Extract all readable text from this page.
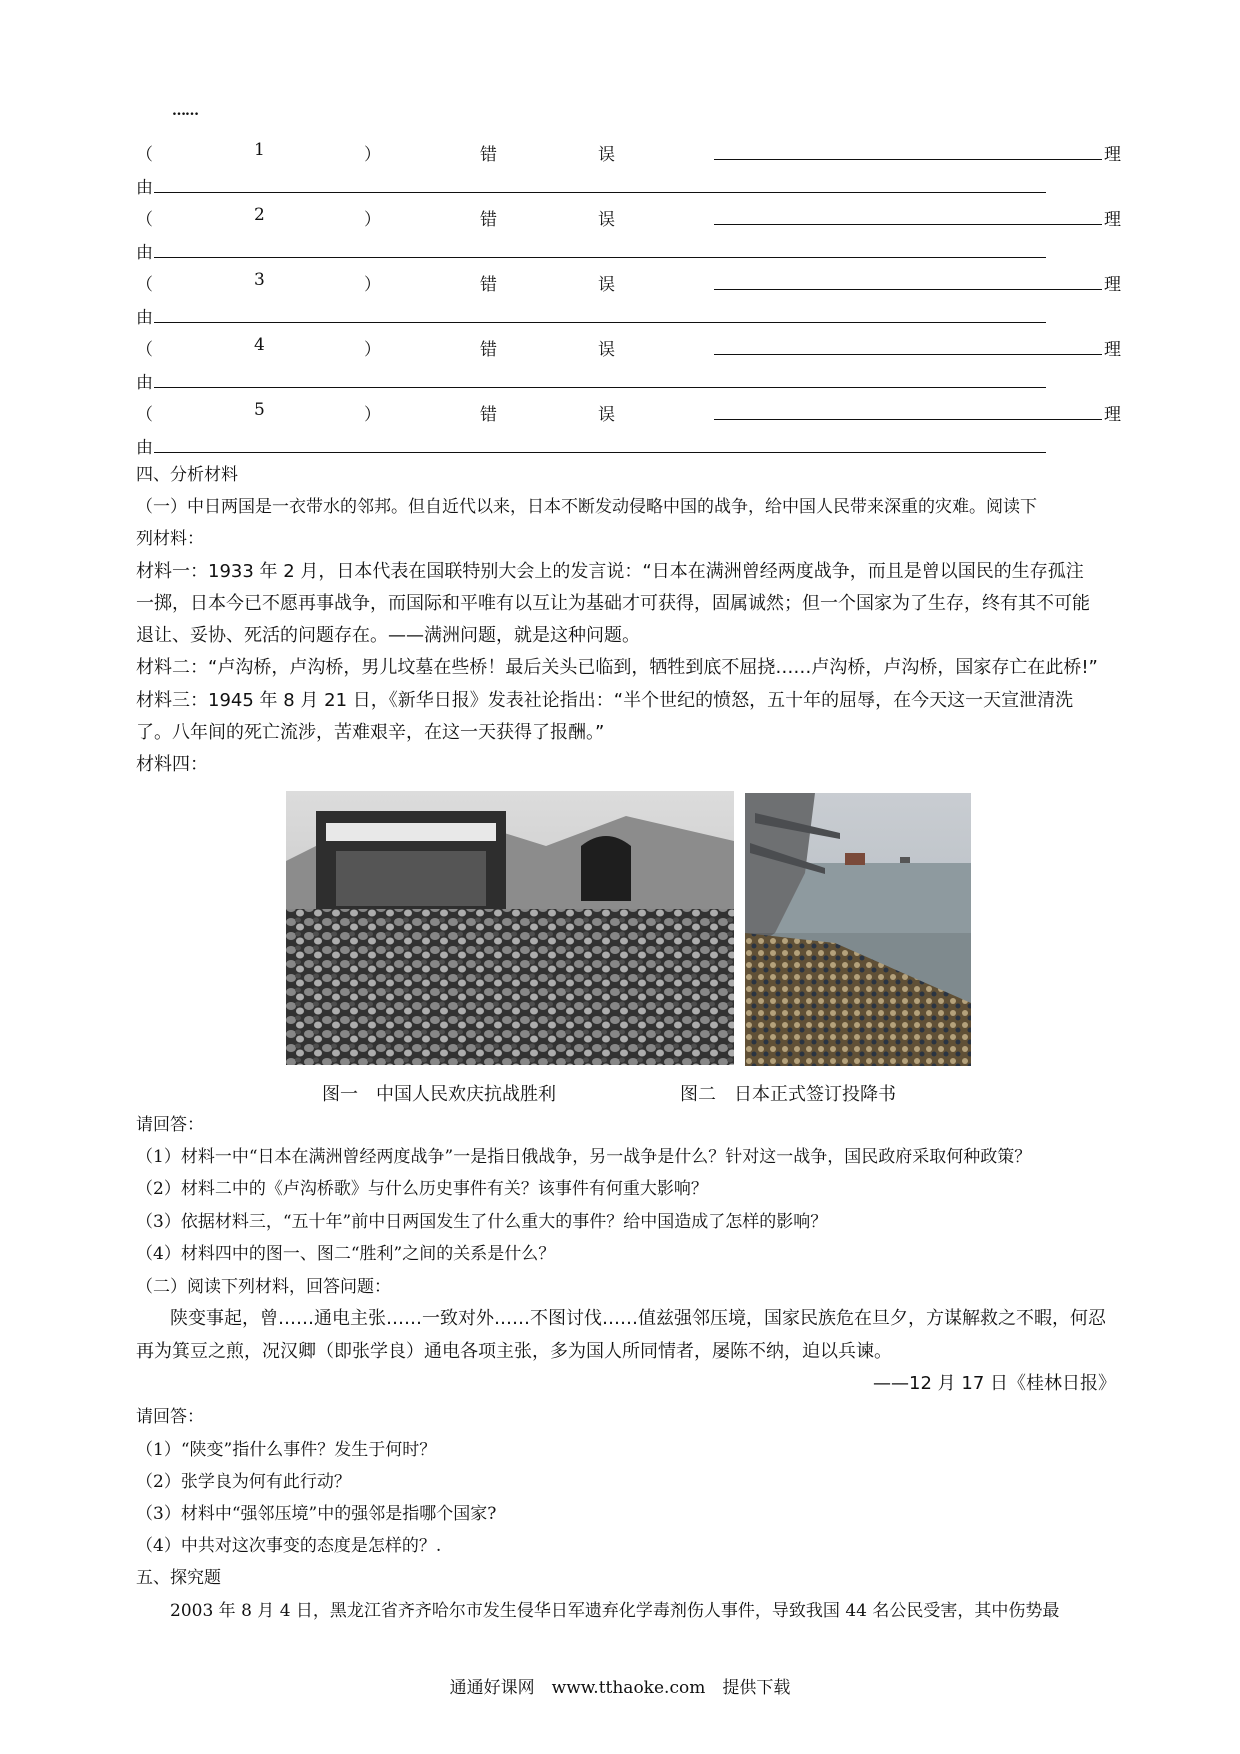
……
（	1	）	错	误	理
由
（	2	）	错	误	理
由
（	3	）	错	误	理
由
（	4	）	错	误	理
由
（	5	）	错	误	理
由
四、分析材料
（一）中日两国是一衣带水的邻邦。但自近代以来，日本不断发动侵略中国的战争，给中国人民带来深重的灾难。阅读下
列材料：
材料一：1933 年 2 月，日本代表在国联特别大会上的发言说：“日本在满洲曾经两度战争，而且是曾以国民的生存孤注
一掷，日本今已不愿再事战争，而国际和平唯有以互让为基础才可获得，固属诚然；但一个国家为了生存，终有其不可能
退让、妥协、死活的问题存在。——满洲问题，就是这种问题。
材料二：“卢沟桥，卢沟桥，男儿坟墓在些桥！最后关头已临到，牺牲到底不屈挠……卢沟桥，卢沟桥，国家存亡在此桥!”
材料三：1945 年 8 月 21 日，《新华日报》发表社论指出：“半个世纪的愤怒，五十年的屈辱，在今天这一天宣泄清洗
了。八年间的死亡流涉，苦难艰辛，在这一天获得了报酬。”
材料四：
图一　中国人民欢庆抗战胜利	图二　日本正式签订投降书
请回答：
（1）材料一中“日本在满洲曾经两度战争”一是指日俄战争，另一战争是什么？针对这一战争，国民政府采取何种政策？
（2）材料二中的《卢沟桥歌》与什么历史事件有关？该事件有何重大影响？
（3）依据材料三，“五十年”前中日两国发生了什么重大的事件？给中国造成了怎样的影响？
（4）材料四中的图一、图二“胜利”之间的关系是什么？
（二）阅读下列材料，回答问题：
陕变事起，曾……通电主张……一致对外……不图讨伐……值兹强邻压境，国家民族危在旦夕，方谋解救之不暇，何忍
再为箕豆之煎，况汉卿（即张学良）通电各项主张，多为国人所同情者，屡陈不纳，迫以兵谏。
——12 月 17 日《桂林日报》
请回答：
（1）“陕变”指什么事件？发生于何时？
（2）张学良为何有此行动？
（3）材料中“强邻压境”中的强邻是指哪个国家?
（4）中共对这次事变的态度是怎样的？.
五、探究题
2003 年 8 月 4 日，黑龙江省齐齐哈尔市发生侵华日军遗弃化学毒剂伤人事件，导致我国 44 名公民受害，其中伤势最
通通好课网　www.tthaoke.com　提供下载
